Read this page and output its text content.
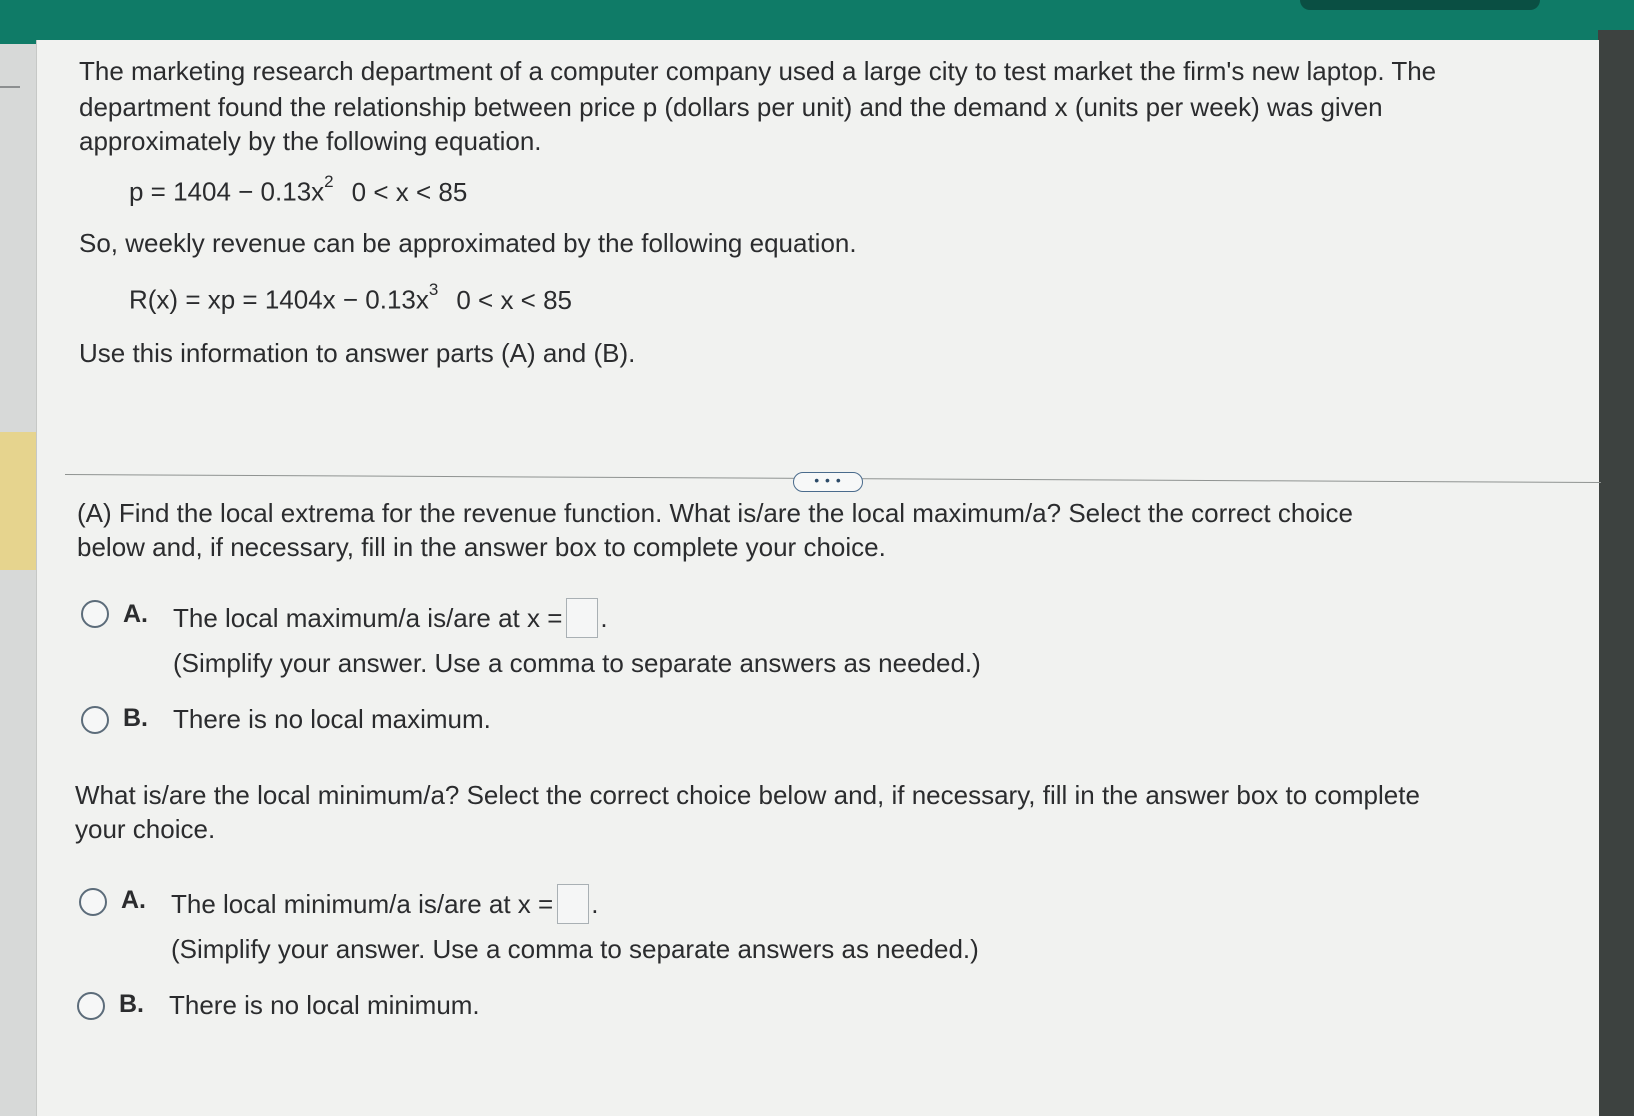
The marketing research department of a computer company used a large city to test market the firm's new laptop. The
department found the relationship between price p (dollars per unit) and the demand x (units per week) was given
approximately by the following equation.
$p = 1404 - 0.13x^2$ 0 < x < 85
So, weekly revenue can be approximated by the following equation.
R(x) = xp = $1404x - 0.13x^3$ 0 < x < 85
Use this information to answer parts (A) and (B).
• • •
(A) Find the local extrema for the revenue function. What is/are the local maximum/a? Select the correct choice
below and, if necessary, fill in the answer box to complete your choice.
A. The local maximum/a is/are at x = .
(Simplify your answer. Use a comma to separate answers as needed.)
B. There is no local maximum.
What is/are the local minimum/a? Select the correct choice below and, if necessary, fill in the answer box to complete
your choice.
A. The local minimum/a is/are at x = .
(Simplify your answer. Use a comma to separate answers as needed.)
B. There is no local minimum.
